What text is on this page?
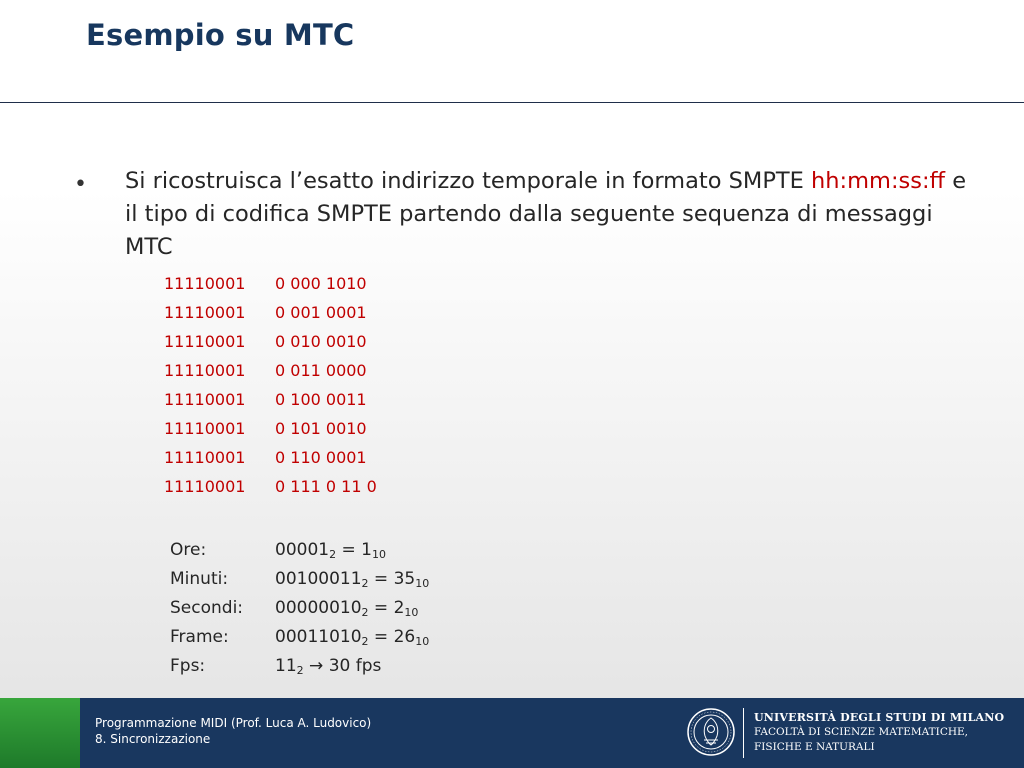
Esempio su MTC
• Si ricostruisca l’esatto indirizzo temporale in formato SMPTE hh:mm:ss:ff e il tipo di codifica SMPTE partendo dalla seguente sequenza di messaggi MTC
11110001 0 000 1010
11110001 0 001 0001
11110001 0 010 0010
11110001 0 011 0000
11110001 0 100 0011
11110001 0 101 0010
11110001 0 110 0001
11110001 0 111 0 11 0
Ore:	$00001_2 = 1_{10}$
Minuti:	$00100011_2 = 35_{10}$
Secondi: $00000010_2 = 2_{10}$
Frame:	$00011010_2 = 26_{10}$
Fps:	$11_2 \to 30$ fps
Programmazione MIDI (Prof. Luca A. Ludovico)
8. Sincronizzazione
UNIVERSITÀ DEGLI STUDI DI MILANO
FACOLTÀ DI SCIENZE MATEMATICHE,
FISICHE E NATURALI
